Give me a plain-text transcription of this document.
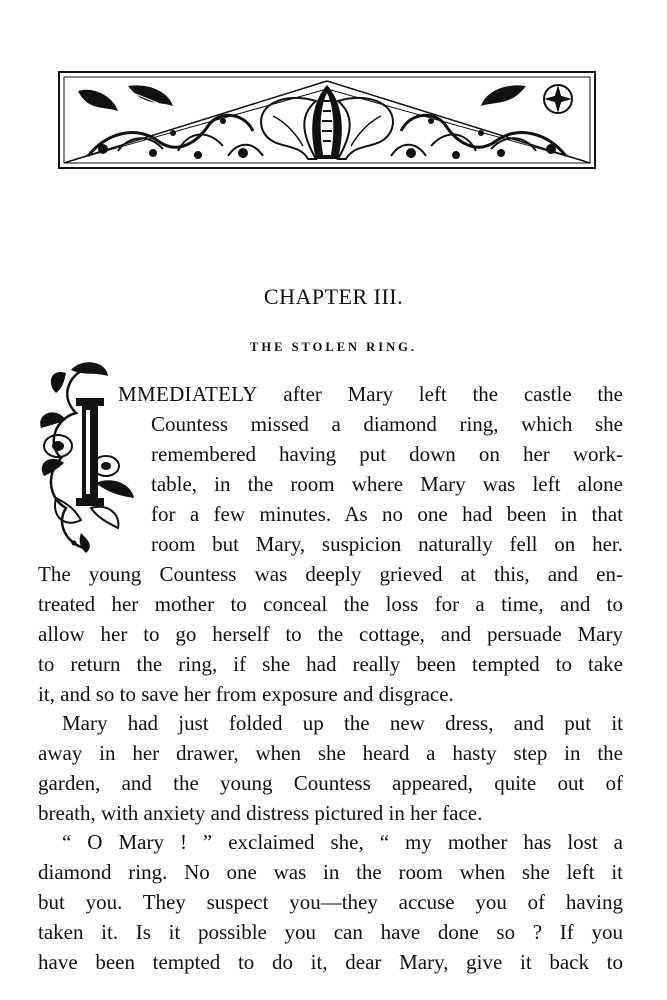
CHAPTER III.

THE STOLEN RING.

MMEDIATELY after Mary left the castle the

Countess missed a diamond ring, which she

remembered having put down on her work-

table, in the room where Mary was left alone

for a few minutes. As no one had been in that

room but Mary, suspicion naturally fell on her.

The young Countess was deeply grieved at this, and en-

treated her mother to conceal the loss for a time, and to

allow her to go herself to the cottage, and persuade Mary

to return the ring, if she had really been tempted to take

it, and so to save her from exposure and disgrace.

Mary had just folded up the new dress, and put it

away in her drawer, when she heard a hasty step in the

garden, and the young Countess appeared, quite out of

breath, with anxiety and distress pictured in her face.

“ O Mary ! ” exclaimed she, “ my mother has lost a

diamond ring. No one was in the room when she left it

but you. They suspect you—they accuse you of having

taken it. Is it possible you can have done so ? If you

have been tempted to do it, dear Mary, give it back to
